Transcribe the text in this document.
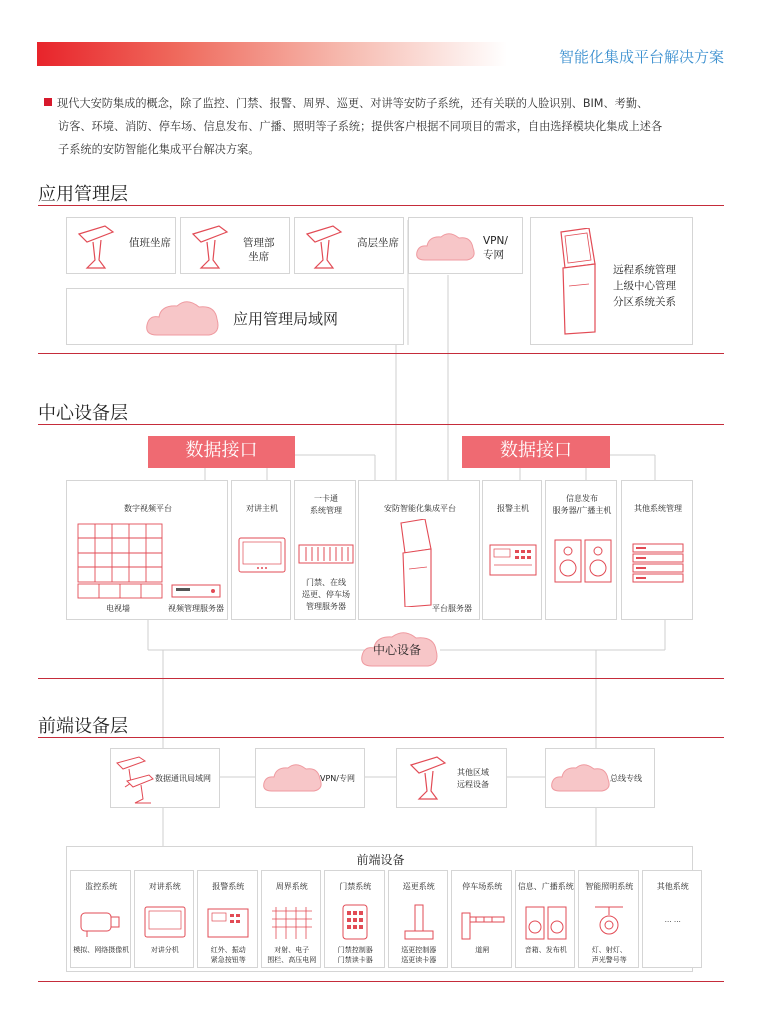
智能化集成平台解决方案

现代大安防集成的概念，除了监控、门禁、报警、周界、巡更、对讲等安防子系统，还有关联的人脸识别、BIM、考勤、

访客、环境、消防、停车场、信息发布、广播、照明等子系统；提供客户根据不同项目的需求，自由选择模块化集成上述各

子系统的安防智能化集成平台解决方案。

应用管理层
值班坐席	管理部
坐席
高层坐席	VPN/
专网
远程系统管理
上级中心管理
分区系统关系
应用管理局域网
中心设备层
数据接口	数据接口
数字视频平台
电视墙	视频管理服务器
对讲主机
一卡通
系统管理
门禁、在线
巡更、停车场
管理服务器
安防智能化集成平台
平台服务器
报警主机
信息发布
服务器/广播主机	其他系统管理
中心设备
前端设备层
数据通讯局域网	VPN/专网
其他区域
远程设备
总线专线
前端设备
监控系统
模拟、网络摄像机
对讲系统
对讲分机
报警系统
红外、振动
紧急按钮等
周界系统
对射、电子
围栏、高压电网
门禁系统
门禁控制器
门禁读卡器
巡更系统
巡更控制器
巡更读卡器
停车场系统
道闸
信息、广播系统
音箱、发布机
智能照明系统
灯、射灯、
声光警号等
其他系统
… …
